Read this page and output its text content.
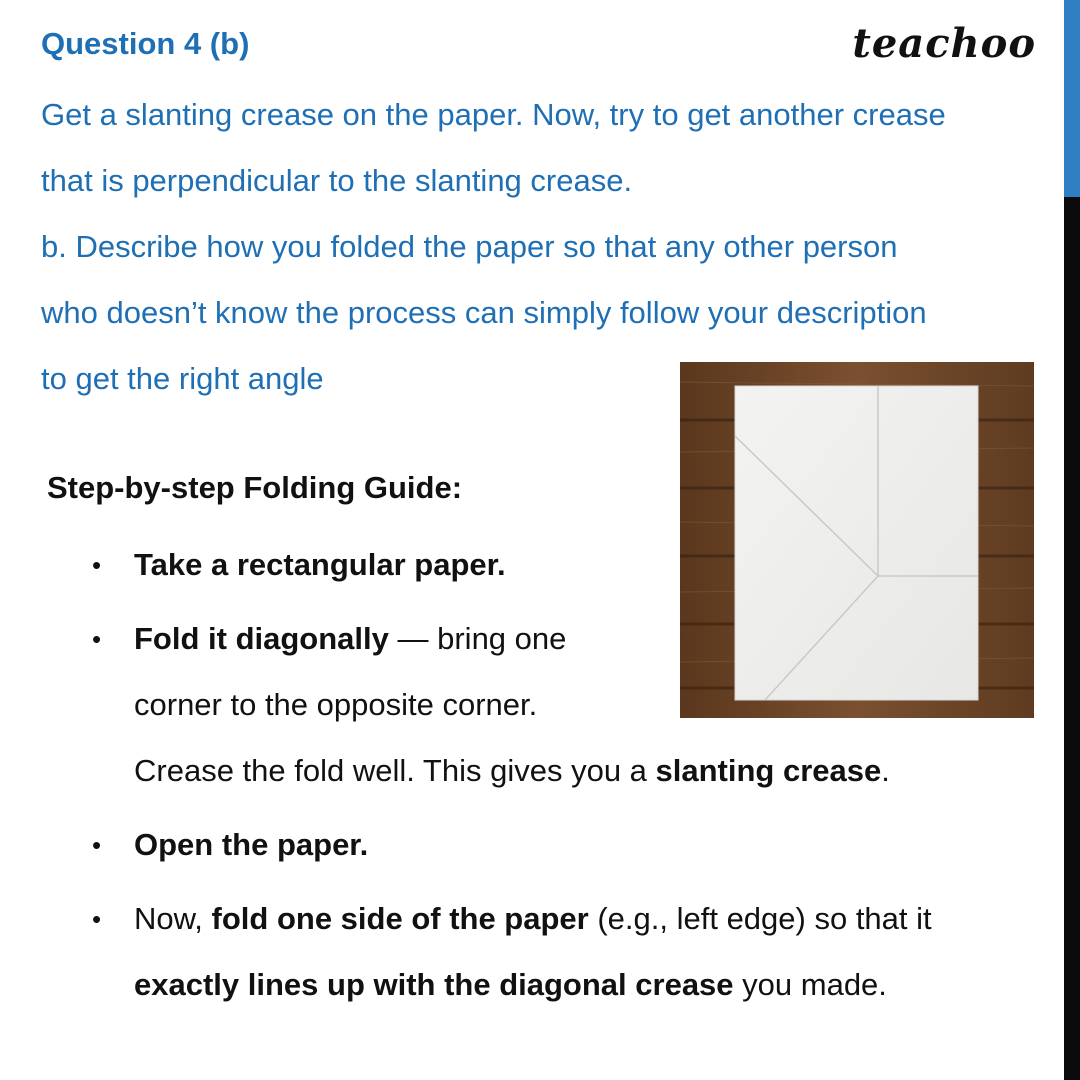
Question 4 (b)	teachoo
Get a slanting crease on the paper. Now, try to get another crease
that is perpendicular to the slanting crease.
b. Describe how you folded the paper so that any other person
who doesn’t know the process can simply follow your description
to get the right angle
Step-by-step Folding Guide:
• Take a rectangular paper.
• Fold it diagonally — bring one
corner to the opposite corner.
Crease the fold well. This gives you a slanting crease.
• Open the paper.
• Now, fold one side of the paper (e.g., left edge) so that it
exactly lines up with the diagonal crease you made.
